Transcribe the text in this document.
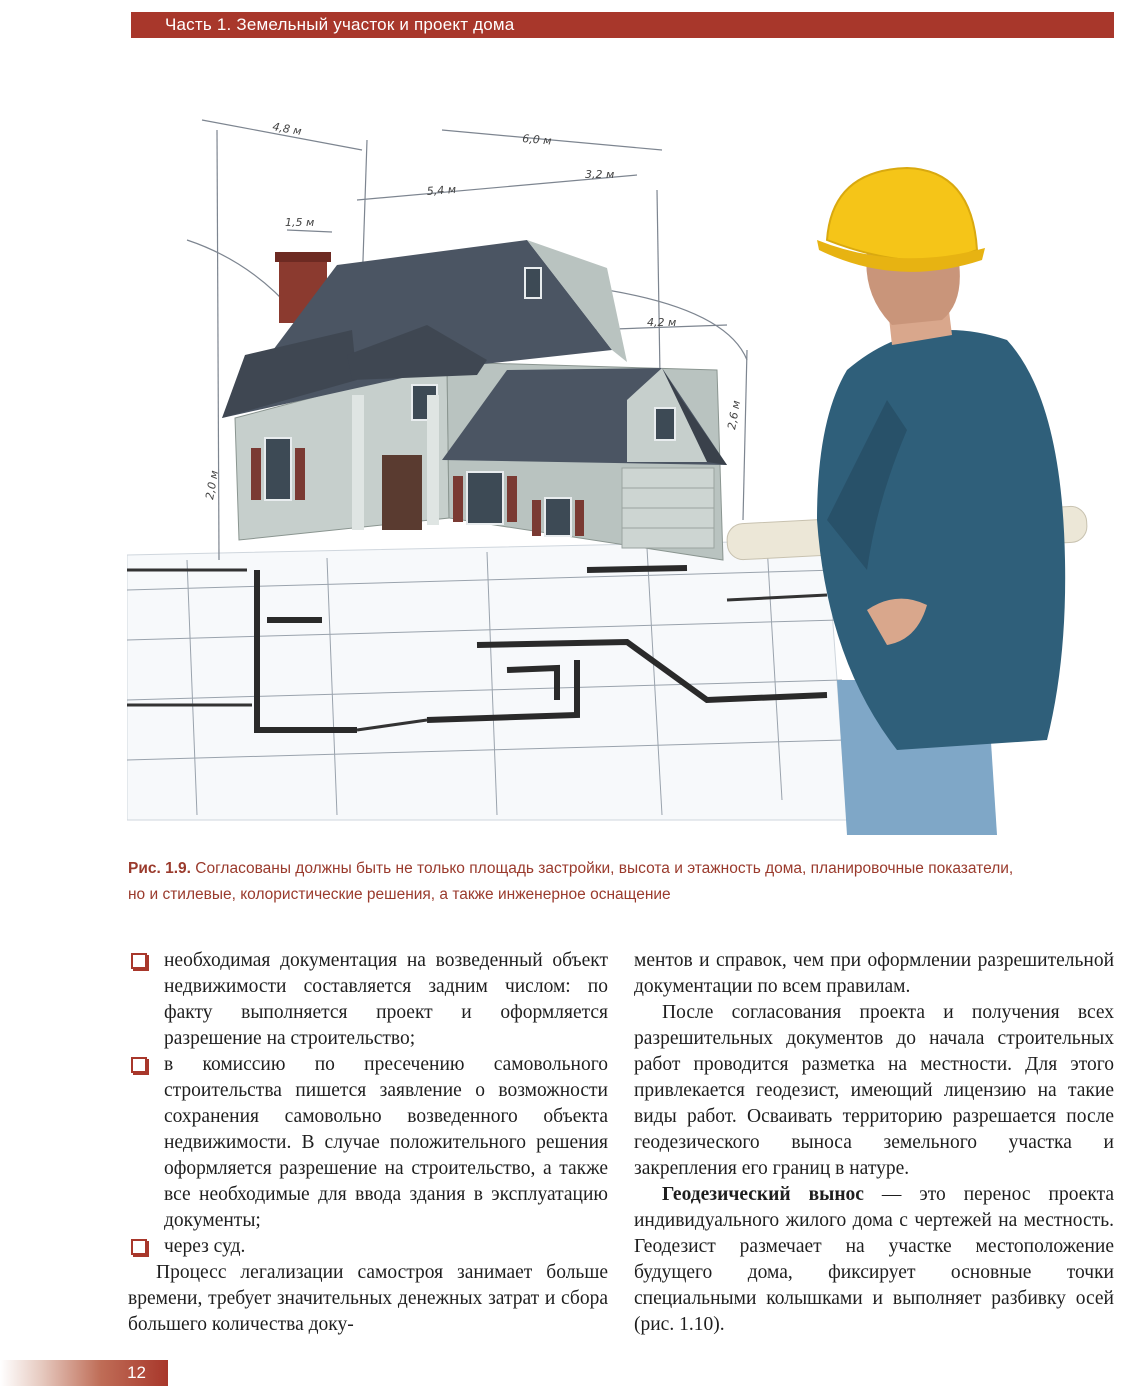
Часть 1. Земельный участок и проект дома
4,8 м
6,0 м
3,2 м
5,4 м
1,5 м
4,2 м
2,6 м
2,0 м
Рис. 1.9. Согласованы должны быть не только площадь застройки, высота и этажность дома, планировочные показатели,
но и стилевые, колористические решения, а также инженерное оснащение
необходимая документация на возведенный объект недвижимости составляется задним числом: по факту выполняется проект и оформляется разрешение на строительство;
в комиссию по пресечению самовольного строительства пишется заявление о возможности сохранения самовольно возведенного объекта недвижимости. В случае положительного решения оформляется разрешение на строительство, а также все необходимые для ввода здания в эксплуатацию документы;
через суд.

Процесс легализации самостроя занимает больше времени, требует значительных денежных затрат и сбора большего количества доку-

ментов и справок, чем при оформлении разрешительной документации по всем правилам.

После согласования проекта и получения всех разрешительных документов до начала строительных работ проводится разметка на местности. Для этого привлекается геодезист, имеющий лицензию на такие виды работ. Осваивать территорию разрешается после геодезического выноса земельного участка и закрепления его границ в натуре.

Геодезический вынос — это перенос проекта индивидуального жилого дома с чертежей на местность. Геодезист размечает на участке местоположение будущего дома, фиксирует основные точки специальными колышками и выполняет разбивку осей (рис. 1.10).

12
